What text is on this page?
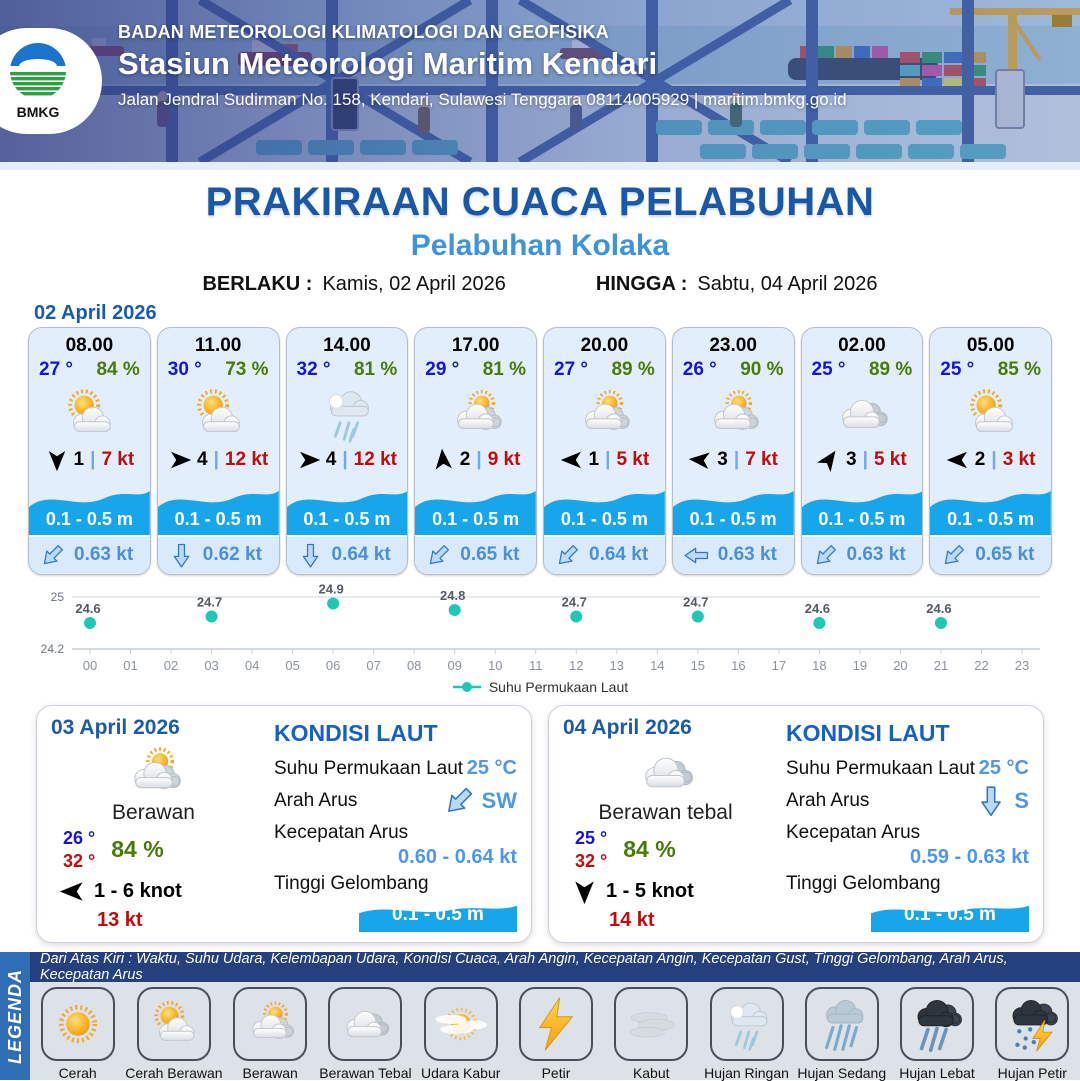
BMKG
BADAN METEOROLOGI KLIMATOLOGI DAN GEOFISIKA
Stasiun Meteorologi Maritim Kendari
Jalan Jendral Sudirman No. 158, Kendari, Sulawesi Tenggara 08114005929 | maritim.bmkg.go.id
PRAKIRAAN CUACA PELABUHAN
Pelabuhan Kolaka
BERLAKU : Kamis, 02 April 2026	HINGGA : Sabtu, 04 April 2026
02 April 2026
08.00
27 ° 84 %
1 | 7 kt
0.1 - 0.5 m
0.63 kt
11.00
30 ° 73 %
4 | 12 kt
0.1 - 0.5 m
0.62 kt
14.00
32 ° 81 %
4 | 12 kt
0.1 - 0.5 m
0.64 kt
17.00
29 ° 81 %
2 | 9 kt
0.1 - 0.5 m
0.65 kt
20.00
27 ° 89 %
1 | 5 kt
0.1 - 0.5 m
0.64 kt
23.00
26 ° 90 %
3 | 7 kt
0.1 - 0.5 m
0.63 kt
02.00
25 ° 89 %
3 | 5 kt
0.1 - 0.5 m
0.63 kt
05.00
25 ° 85 %
2 | 3 kt
0.1 - 0.5 m
0.65 kt
25
24.2
00 01 02 03 04 05 06 07 08 09 10 11 12 13 14 15 16 17 18 19 20 21 22 23
24.6	24.7
24.9	24.8	24.7	24.7	24.6	24.6
Suhu Permukaan Laut
03 April 2026
Berawan
26 °
32 ° 84 %
1 - 6 knot
13 kt
KONDISI LAUT
Suhu Permukaan Laut 25 °C
Arah Arus	SW
Kecepatan Arus
0.60 - 0.64 kt
Tinggi Gelombang
0.1 - 0.5 m
04 April 2026
Berawan tebal
25 °
32 ° 84 %
1 - 5 knot
14 kt
KONDISI LAUT
Suhu Permukaan Laut 25 °C
Arah Arus	S
Kecepatan Arus
0.59 - 0.63 kt
Tinggi Gelombang
0.1 - 0.5 m
LEGENDA
Dari Atas Kiri : Waktu, Suhu Udara, Kelembapan Udara, Kondisi Cuaca, Arah Angin, Kecepatan Angin, Kecepatan Gust, Tinggi Gelombang, Arah Arus, Kecepatan Arus
Cerah Cerah Berawan Berawan Berawan Tebal Udara Kabur	Petir	Kabut Hujan Ringan Hujan Sedang Hujan Lebat Hujan Petir
